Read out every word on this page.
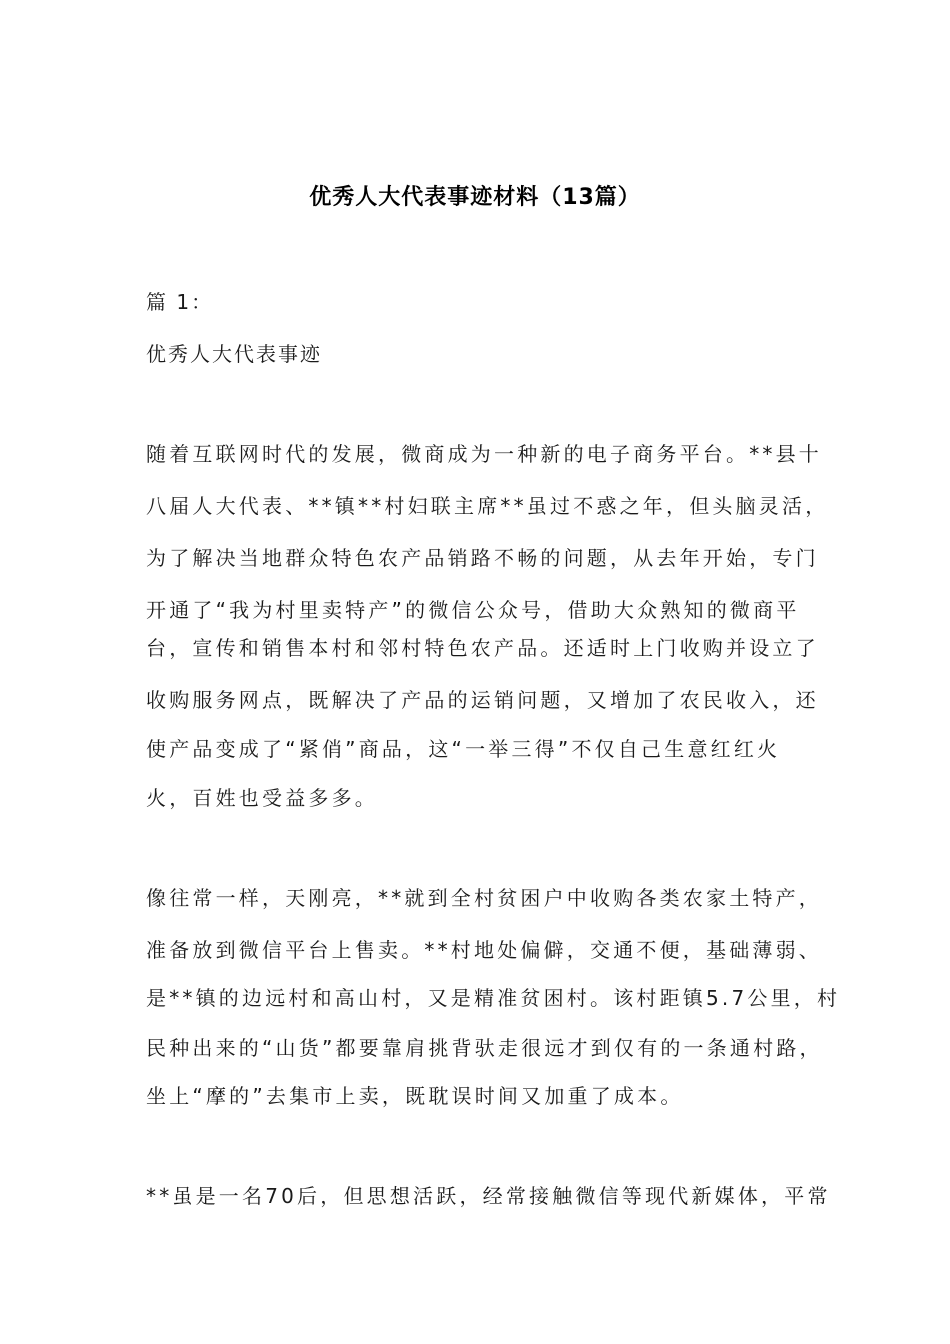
优秀人大代表事迹材料（13篇）
篇 1：
优秀人大代表事迹
随着互联网时代的发展，微商成为一种新的电子商务平台。**县十
八届人大代表、**镇**村妇联主席**虽过不惑之年，但头脑灵活，
为了解决当地群众特色农产品销路不畅的问题，从去年开始，专门
开通了“我为村里卖特产”的微信公众号，借助大众熟知的微商平
台，宣传和销售本村和邻村特色农产品。还适时上门收购并设立了
收购服务网点，既解决了产品的运销问题，又增加了农民收入，还
使产品变成了“紧俏”商品，这“一举三得”不仅自己生意红红火
火，百姓也受益多多。
像往常一样，天刚亮，**就到全村贫困户中收购各类农家土特产，
准备放到微信平台上售卖。**村地处偏僻，交通不便，基础薄弱、
是**镇的边远村和高山村，又是精准贫困村。该村距镇5.7公里，村
民种出来的“山货”都要靠肩挑背驮走很远才到仅有的一条通村路，
坐上“摩的”去集市上卖，既耽误时间又加重了成本。
**虽是一名70后，但思想活跃，经常接触微信等现代新媒体，平常
